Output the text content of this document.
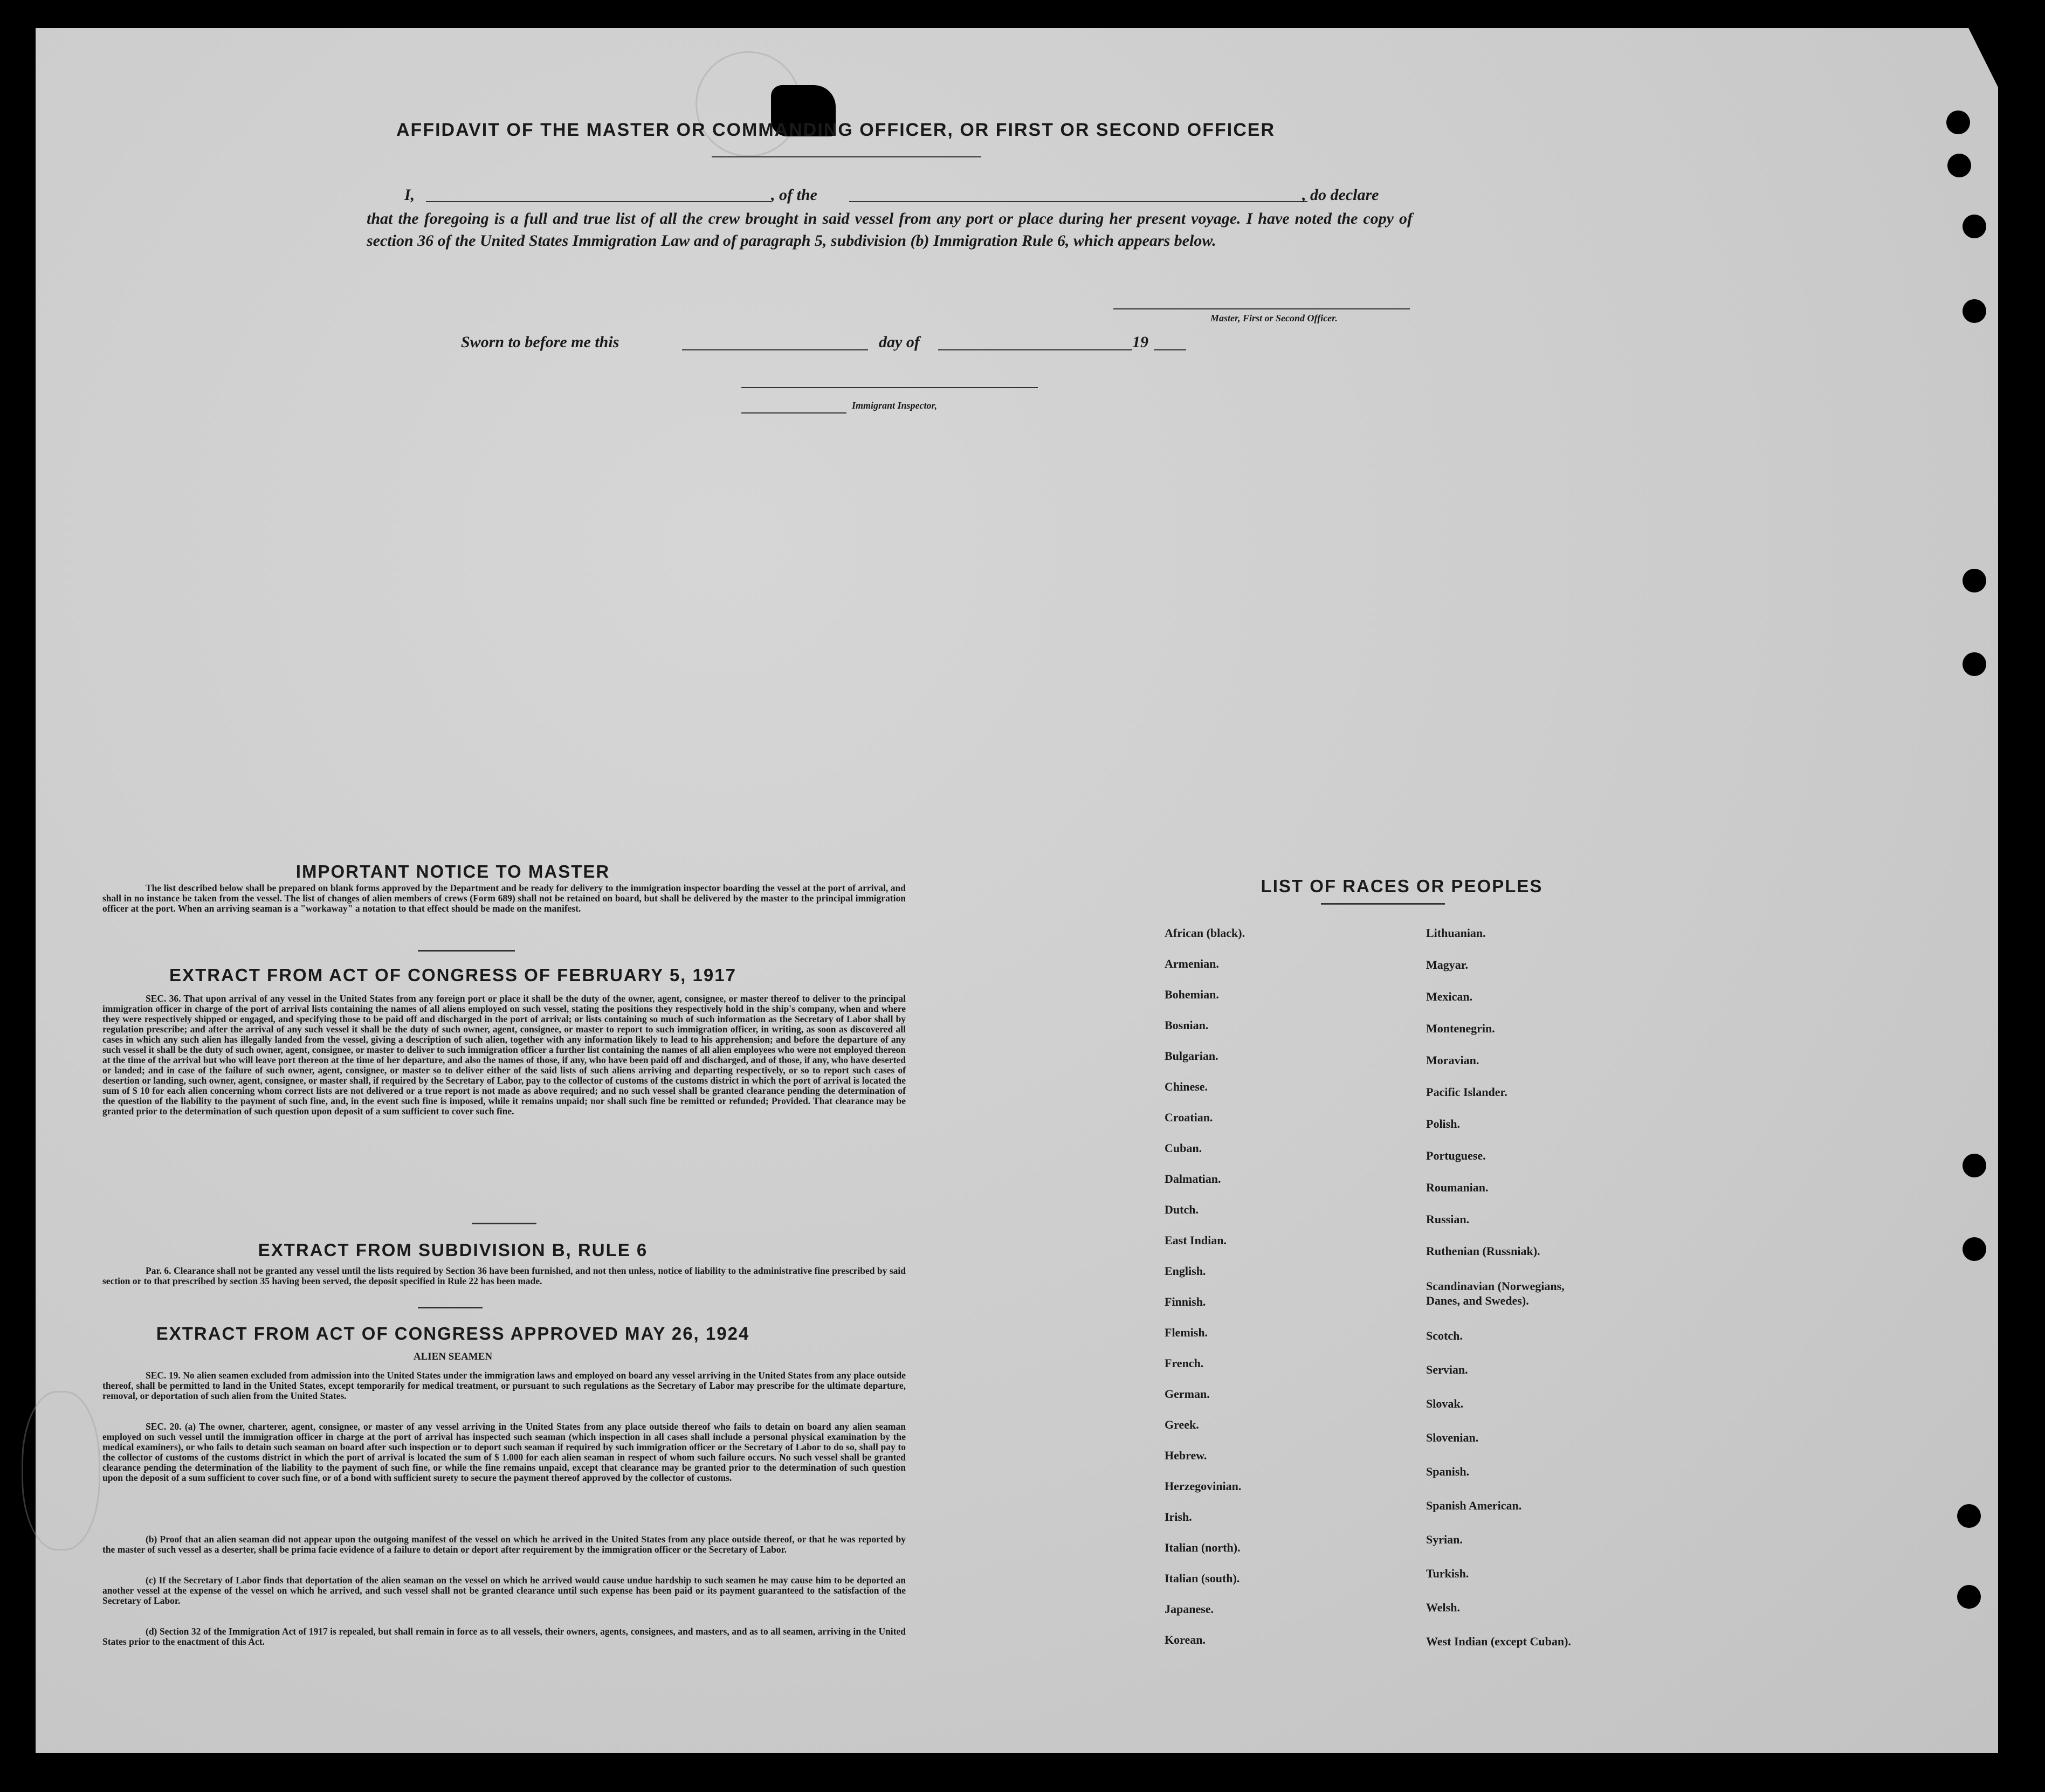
AFFIDAVIT OF THE MASTER OR COMMANDING OFFICER, OR FIRST OR SECOND OFFICER
I,	, of the	, do declare
that the foregoing is a full and true list of all the crew brought in said vessel from any port or place during her present voyage. I have noted the copy of section 36 of the United States Immigration Law and of paragraph 5, subdivision (b) Immigration Rule 6, which appears below.
Master, First or Second Officer.
Sworn to before me this	day of	19
Immigrant Inspector,
IMPORTANT NOTICE TO MASTER
The list described below shall be prepared on blank forms approved by the Department and be ready for delivery to the immigration inspector boarding the vessel at the port of arrival, and shall in no instance be taken from the vessel. The list of changes of alien members of crews (Form 689) shall not be retained on board, but shall be delivered by the master to the principal immigration officer at the port. When an arriving seaman is a "workaway" a notation to that effect should be made on the manifest.
EXTRACT FROM ACT OF CONGRESS OF FEBRUARY 5, 1917
SEC. 36. That upon arrival of any vessel in the United States from any foreign port or place it shall be the duty of the owner, agent, consignee, or master thereof to deliver to the principal immigration officer in charge of the port of arrival lists containing the names of all aliens employed on such vessel, stating the positions they respectively hold in the ship's company, when and where they were respectively shipped or engaged, and specifying those to be paid off and discharged in the port of arrival; or lists containing so much of such information as the Secretary of Labor shall by regulation prescribe; and after the arrival of any such vessel it shall be the duty of such owner, agent, consignee, or master to report to such immigration officer, in writing, as soon as discovered all cases in which any such alien has illegally landed from the vessel, giving a description of such alien, together with any information likely to lead to his apprehension; and before the departure of any such vessel it shall be the duty of such owner, agent, consignee, or master to deliver to such immigration officer a further list containing the names of all alien employees who were not employed thereon at the time of the arrival but who will leave port thereon at the time of her departure, and also the names of those, if any, who have been paid off and discharged, and of those, if any, who have deserted or landed; and in case of the failure of such owner, agent, consignee, or master so to deliver either of the said lists of such aliens arriving and departing respectively, or so to report such cases of desertion or landing, such owner, agent, consignee, or master shall, if required by the Secretary of Labor, pay to the collector of customs of the customs district in which the port of arrival is located the sum of $ 10 for each alien concerning whom correct lists are not delivered or a true report is not made as above required; and no such vessel shall be granted clearance pending the determination of the question of the liability to the payment of such fine, and, in the event such fine is imposed, while it remains unpaid; nor shall such fine be remitted or refunded; Provided. That clearance may be granted prior to the determination of such question upon deposit of a sum sufficient to cover such fine.
EXTRACT FROM SUBDIVISION B, RULE 6
Par. 6. Clearance shall not be granted any vessel until the lists required by Section 36 have been furnished, and not then unless, notice of liability to the administrative fine prescribed by said section or to that prescribed by section 35 having been served, the deposit specified in Rule 22 has been made.
EXTRACT FROM ACT OF CONGRESS APPROVED MAY 26, 1924
ALIEN SEAMEN
SEC. 19. No alien seamen excluded from admission into the United States under the immigration laws and employed on board any vessel arriving in the United States from any place outside thereof, shall be permitted to land in the United States, except temporarily for medical treatment, or pursuant to such regulations as the Secretary of Labor may prescribe for the ultimate departure, removal, or deportation of such alien from the United States.
SEC. 20. (a) The owner, charterer, agent, consignee, or master of any vessel arriving in the United States from any place outside thereof who fails to detain on board any alien seaman employed on such vessel until the immigration officer in charge at the port of arrival has inspected such seaman (which inspection in all cases shall include a personal physical examination by the medical examiners), or who fails to detain such seaman on board after such inspection or to deport such seaman if required by such immigration officer or the Secretary of Labor to do so, shall pay to the collector of customs of the customs district in which the port of arrival is located the sum of $ 1.000 for each alien seaman in respect of whom such failure occurs. No such vessel shall be granted clearance pending the determination of the liability to the payment of such fine, or while the fine remains unpaid, except that clearance may be granted prior to the determination of such question upon the deposit of a sum sufficient to cover such fine, or of a bond with sufficient surety to secure the payment thereof approved by the collector of customs.
(b) Proof that an alien seaman did not appear upon the outgoing manifest of the vessel on which he arrived in the United States from any place outside thereof, or that he was reported by the master of such vessel as a deserter, shall be prima facie evidence of a failure to detain or deport after requirement by the immigration officer or the Secretary of Labor.
(c) If the Secretary of Labor finds that deportation of the alien seaman on the vessel on which he arrived would cause undue hardship to such seamen he may cause him to be deported an another vessel at the expense of the vessel on which he arrived, and such vessel shall not be granted clearance until such expense has been paid or its payment guaranteed to the satisfaction of the Secretary of Labor.
(d) Section 32 of the Immigration Act of 1917 is repealed, but shall remain in force as to all vessels, their owners, agents, consignees, and masters, and as to all seamen, arriving in the United States prior to the enactment of this Act.
LIST OF RACES OR PEOPLES
African (black).
Armenian.
Bohemian.
Bosnian.
Bulgarian.
Chinese.
Croatian.
Cuban.
Dalmatian.
Dutch.
East Indian.
English.
Finnish.
Flemish.
French.
German.
Greek.
Hebrew.
Herzegovinian.
Irish.
Italian (north).
Italian (south).
Japanese.
Korean.
Lithuanian.
Magyar.
Mexican.
Montenegrin.
Moravian.
Pacific Islander.
Polish.
Portuguese.
Roumanian.
Russian.
Ruthenian (Russniak).
Scandinavian (Norwegians,
Danes, and Swedes).
Scotch.
Servian.
Slovak.
Slovenian.
Spanish.
Spanish American.
Syrian.
Turkish.
Welsh.
West Indian (except Cuban).
